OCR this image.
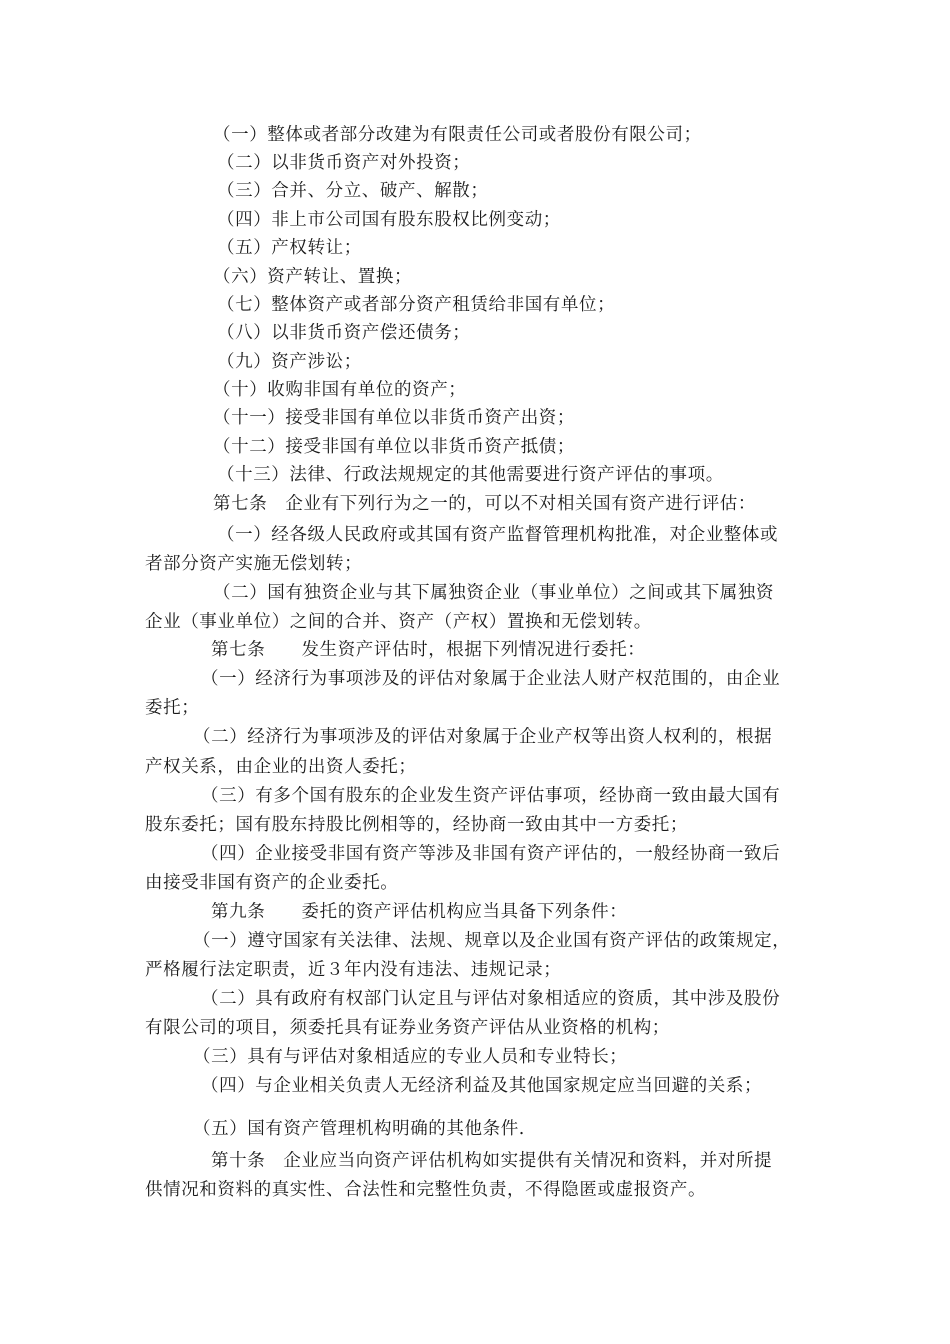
（一）整体或者部分改建为有限责任公司或者股份有限公司；
（二）以非货币资产对外投资；
（三）合并、分立、破产、解散；
（四）非上市公司国有股东股权比例变动；
（五）产权转让；
（六）资产转让、置换；
（七）整体资产或者部分资产租赁给非国有单位；
（八）以非货币资产偿还债务；
（九）资产涉讼；
（十）收购非国有单位的资产；
（十一）接受非国有单位以非货币资产出资；
（十二）接受非国有单位以非货币资产抵债；
（十三）法律、行政法规规定的其他需要进行资产评估的事项。
第七条　企业有下列行为之一的，可以不对相关国有资产进行评估：
（一）经各级人民政府或其国有资产监督管理机构批准，对企业整体或
者部分资产实施无偿划转；
（二）国有独资企业与其下属独资企业（事业单位）之间或其下属独资
企业（事业单位）之间的合并、资产（产权）置换和无偿划转。
第七条　　发生资产评估时，根据下列情况进行委托：
（一）经济行为事项涉及的评估对象属于企业法人财产权范围的，由企业
委托；
（二）经济行为事项涉及的评估对象属于企业产权等出资人权利的，根据
产权关系，由企业的出资人委托；
（三）有多个国有股东的企业发生资产评估事项，经协商一致由最大国有
股东委托；国有股东持股比例相等的，经协商一致由其中一方委托；
（四）企业接受非国有资产等涉及非国有资产评估的，一般经协商一致后
由接受非国有资产的企业委托。
第九条　　委托的资产评估机构应当具备下列条件：
（一）遵守国家有关法律、法规、规章以及企业国有资产评估的政策规定，
严格履行法定职责，近３年内没有违法、违规记录；
（二）具有政府有权部门认定且与评估对象相适应的资质，其中涉及股份
有限公司的项目，须委托具有证券业务资产评估从业资格的机构；
（三）具有与评估对象相适应的专业人员和专业特长；
（四）与企业相关负责人无经济利益及其他国家规定应当回避的关系；
（五）国有资产管理机构明确的其他条件.
第十条　企业应当向资产评估机构如实提供有关情况和资料，并对所提
供情况和资料的真实性、合法性和完整性负责，不得隐匿或虚报资产。
